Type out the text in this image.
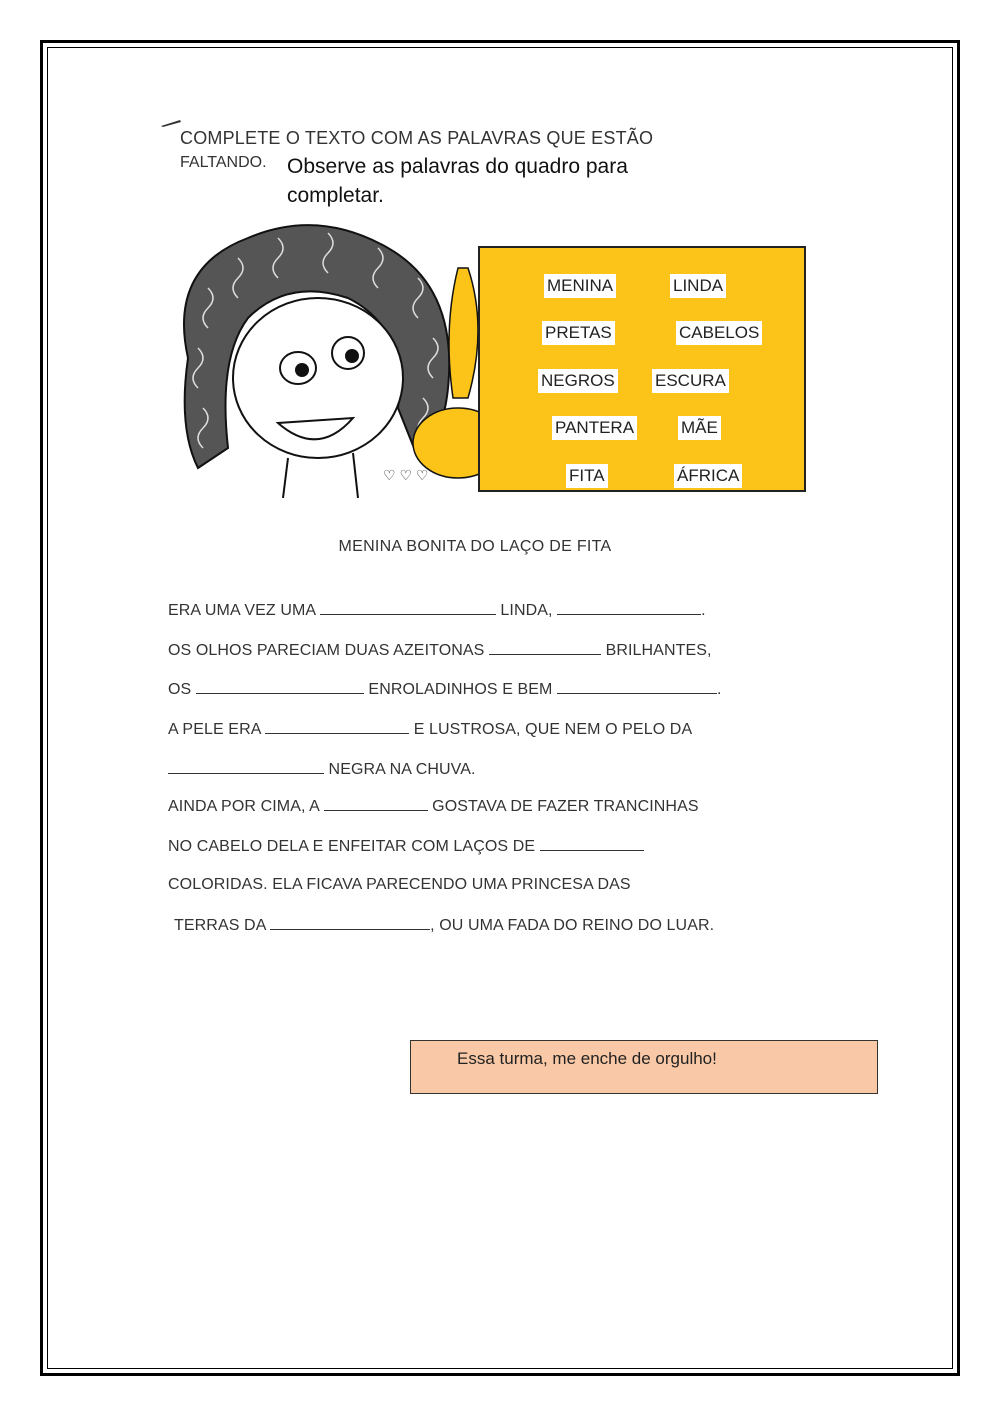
COMPLETE O TEXTO COM AS PALAVRAS QUE ESTÃO
FALTANDO. Observe as palavras do quadro para completar.
♡ ♡ ♡
MENINA	LINDA
PRETAS	CABELOS
NEGROS ESCURA
PANTERA	MÃE
FITA	ÁFRICA
MENINA BONITA DO LAÇO DE FITA
ERA UMA VEZ UMA	LINDA,	.
OS OLHOS PARECIAM DUAS AZEITONAS	BRILHANTES,
OS	ENROLADINHOS E BEM	.
A PELE ERA	E LUSTROSA, QUE NEM O PELO DA
NEGRA NA CHUVA.
AINDA POR CIMA, A	GOSTAVA DE FAZER TRANCINHAS
NO CABELO DELA E ENFEITAR COM LAÇOS DE
COLORIDAS. ELA FICAVA PARECENDO UMA PRINCESA DAS
TERRAS DA	, OU UMA FADA DO REINO DO LUAR.
Essa turma, me enche de orgulho!
